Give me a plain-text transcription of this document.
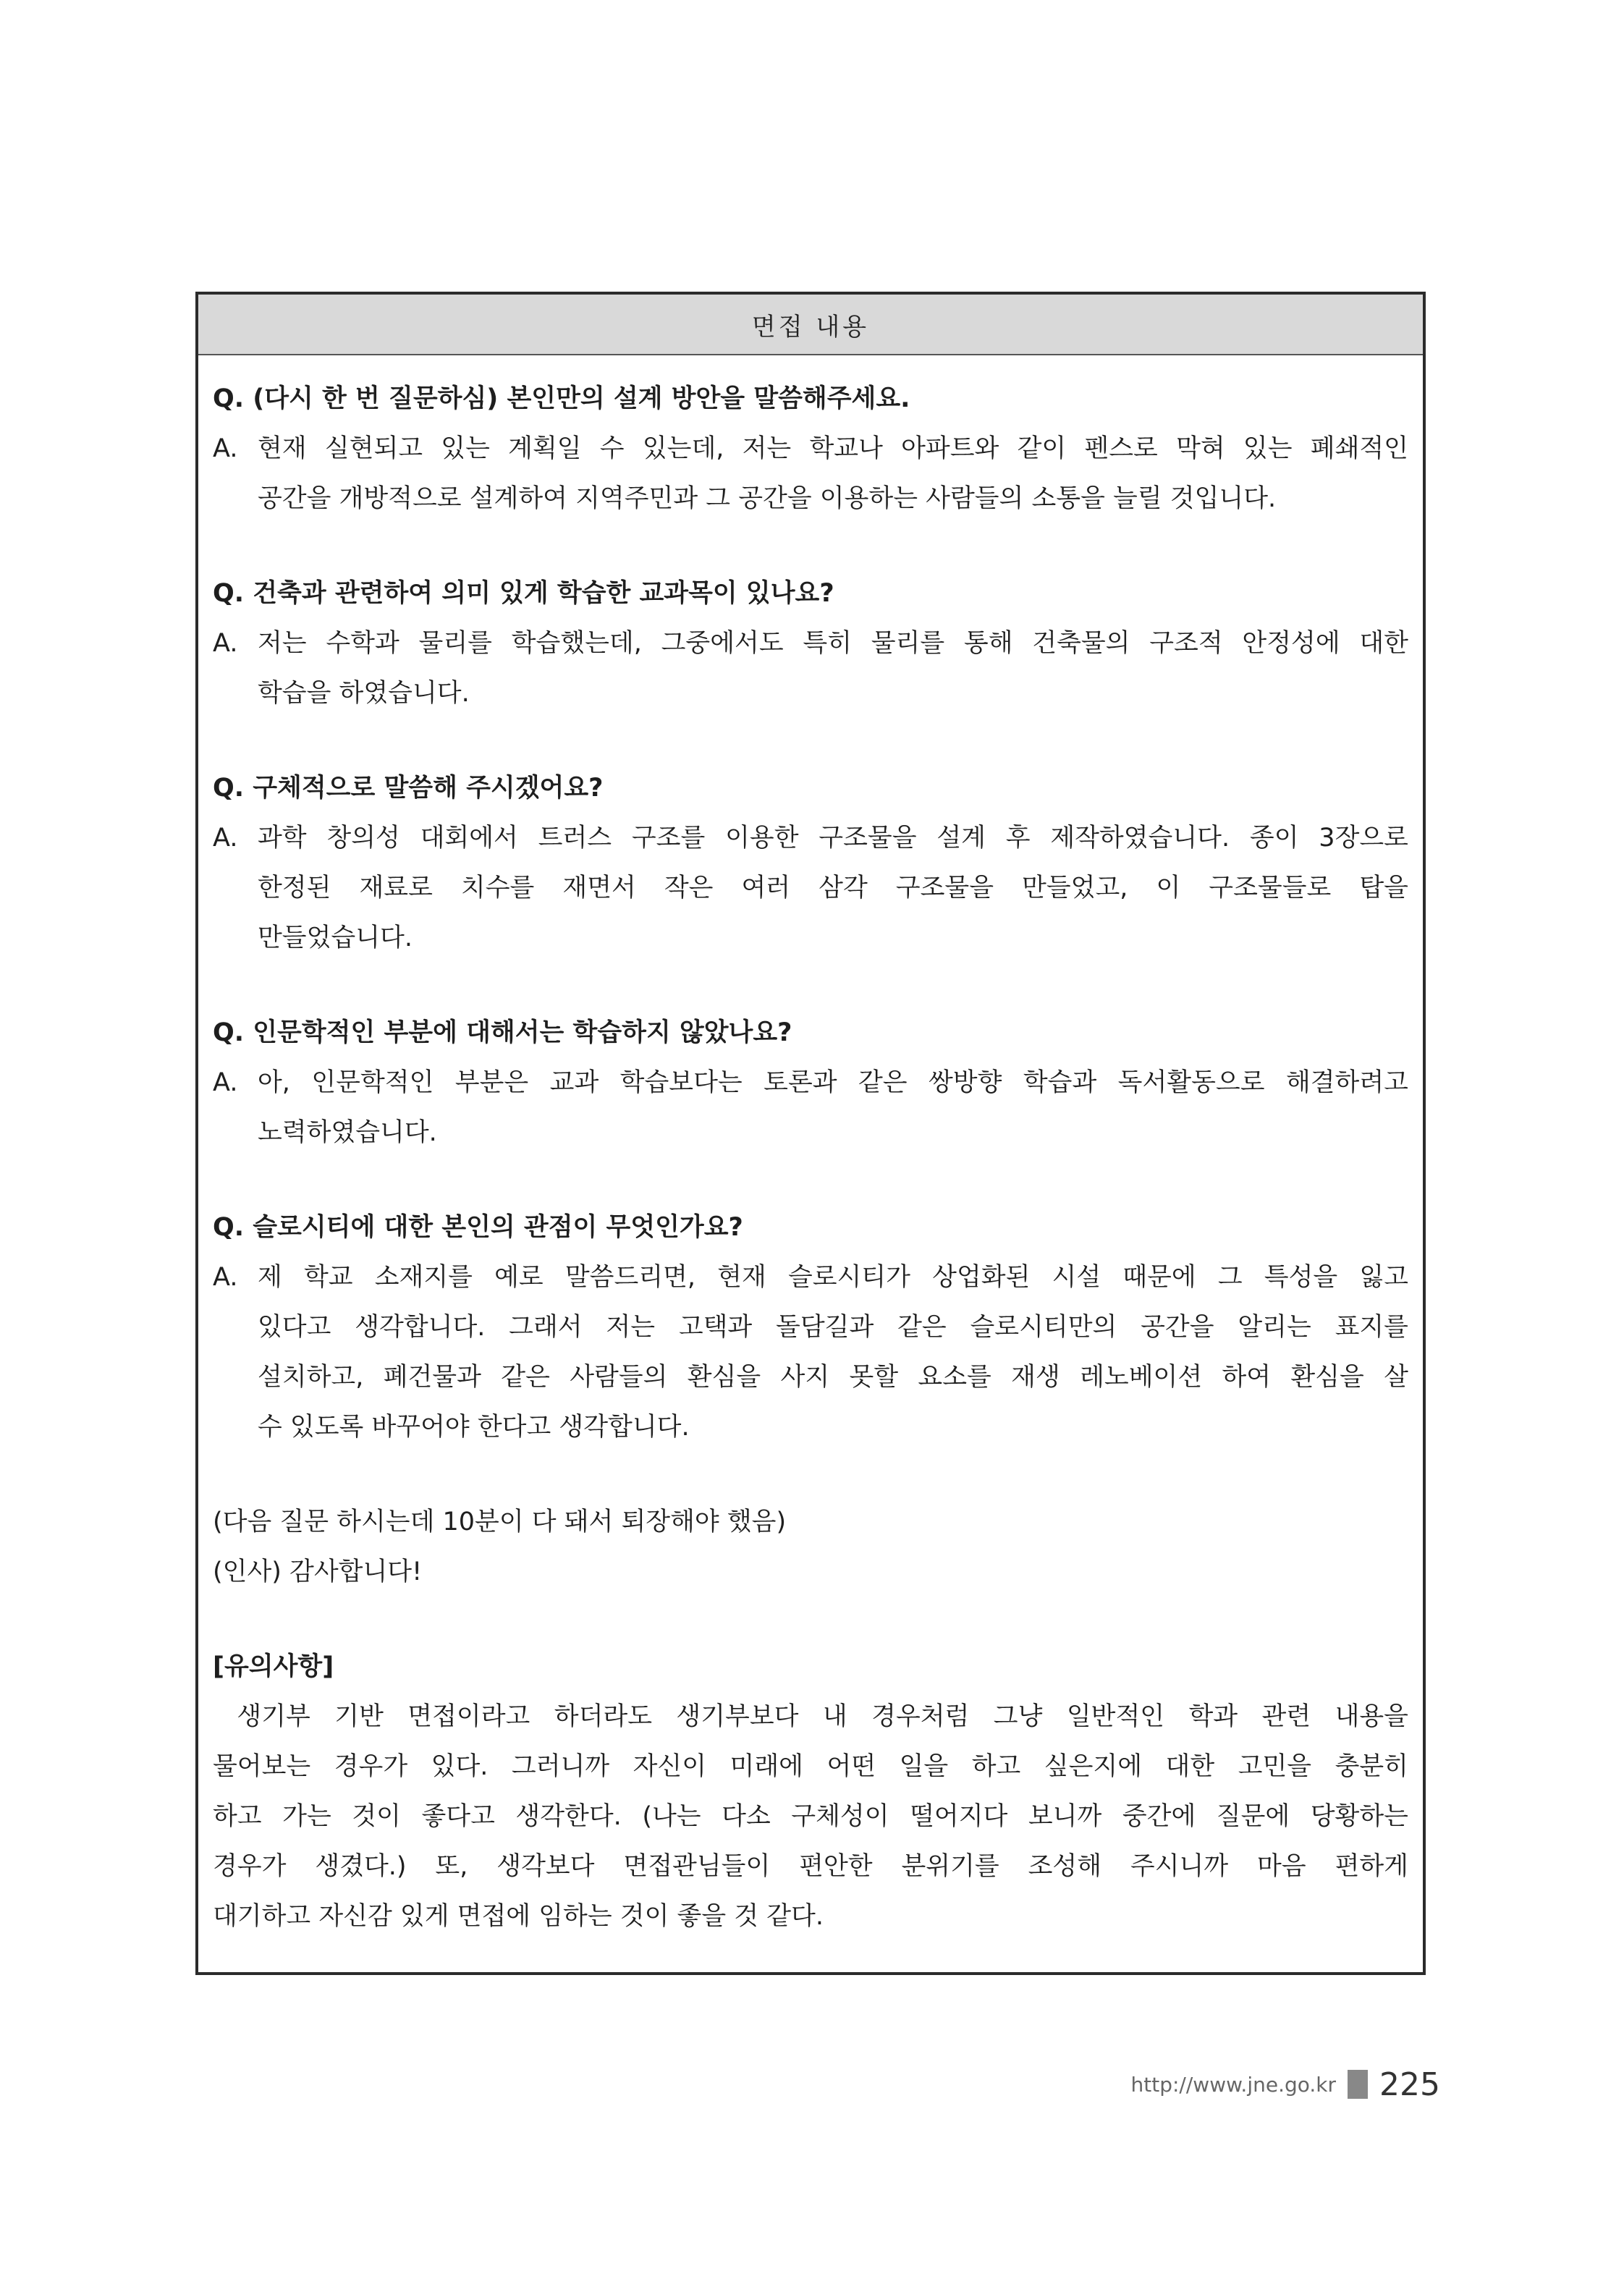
면접 내용
Q. (다시 한 번 질문하심) 본인만의 설계 방안을 말씀해주세요.
A. 현재 실현되고 있는 계획일 수 있는데, 저는 학교나 아파트와 같이 펜스로 막혀 있는 폐쇄적인
공간을 개방적으로 설계하여 지역주민과 그 공간을 이용하는 사람들의 소통을 늘릴 것입니다.
Q. 건축과 관련하여 의미 있게 학습한 교과목이 있나요?
A. 저는 수학과 물리를 학습했는데, 그중에서도 특히 물리를 통해 건축물의 구조적 안정성에 대한
학습을 하였습니다.
Q. 구체적으로 말씀해 주시겠어요?
A. 과학 창의성 대회에서 트러스 구조를 이용한 구조물을 설계 후 제작하였습니다. 종이 3장으로
한정된 재료로 치수를 재면서 작은 여러 삼각 구조물을 만들었고, 이 구조물들로 탑을
만들었습니다.
Q. 인문학적인 부분에 대해서는 학습하지 않았나요?
A. 아, 인문학적인 부분은 교과 학습보다는 토론과 같은 쌍방향 학습과 독서활동으로 해결하려고
노력하였습니다.
Q. 슬로시티에 대한 본인의 관점이 무엇인가요?
A. 제 학교 소재지를 예로 말씀드리면, 현재 슬로시티가 상업화된 시설 때문에 그 특성을 잃고
있다고 생각합니다. 그래서 저는 고택과 돌담길과 같은 슬로시티만의 공간을 알리는 표지를
설치하고, 폐건물과 같은 사람들의 환심을 사지 못할 요소를 재생 레노베이션 하여 환심을 살
수 있도록 바꾸어야 한다고 생각합니다.
(다음 질문 하시는데 10분이 다 돼서 퇴장해야 했음)
(인사) 감사합니다!
[유의사항]
생기부 기반 면접이라고 하더라도 생기부보다 내 경우처럼 그냥 일반적인 학과 관련 내용을
물어보는 경우가 있다. 그러니까 자신이 미래에 어떤 일을 하고 싶은지에 대한 고민을 충분히
하고 가는 것이 좋다고 생각한다. (나는 다소 구체성이 떨어지다 보니까 중간에 질문에 당황하는
경우가 생겼다.) 또, 생각보다 면접관님들이 편안한 분위기를 조성해 주시니까 마음 편하게
대기하고 자신감 있게 면접에 임하는 것이 좋을 것 같다.
http://www.jne.go.kr 225
